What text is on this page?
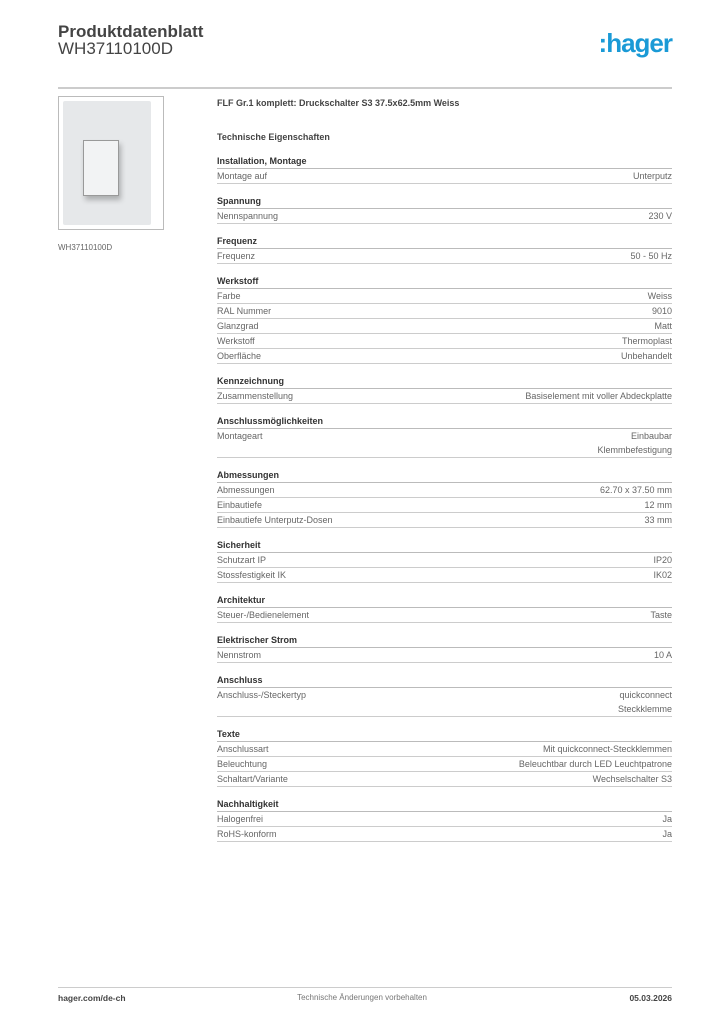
Produktdatenblatt
WH37110100D	:hager
WH37110100D
FLF Gr.1 komplett: Druckschalter S3 37.5x62.5mm Weiss
Technische Eigenschaften
Installation, Montage
Montage auf	Unterputz
Spannung
Nennspannung	230 V
Frequenz
Frequenz	50 - 50 Hz
Werkstoff
Farbe	Weiss
RAL Nummer	9010
Glanzgrad	Matt
Werkstoff	Thermoplast
Oberfläche	Unbehandelt
Kennzeichnung
Zusammenstellung	Basiselement mit voller Abdeckplatte
Anschlussmöglichkeiten
Montageart	Einbaubar
Klemmbefestigung
Abmessungen
Abmessungen	62.70 x 37.50 mm
Einbautiefe	12 mm
Einbautiefe Unterputz-Dosen	33 mm
Sicherheit
Schutzart IP	IP20
Stossfestigkeit IK	IK02
Architektur
Steuer-/Bedienelement	Taste
Elektrischer Strom
Nennstrom	10 A
Anschluss
Anschluss-/Steckertyp	quickconnect
Steckklemme
Texte
Anschlussart	Mit quickconnect-Steckklemmen
Beleuchtung	Beleuchtbar durch LED Leuchtpatrone
Schaltart/Variante	Wechselschalter S3
Nachhaltigkeit
Halogenfrei	Ja
RoHS-konform	Ja
hager.com/de-ch	Technische Änderungen vorbehalten	05.03.2026
